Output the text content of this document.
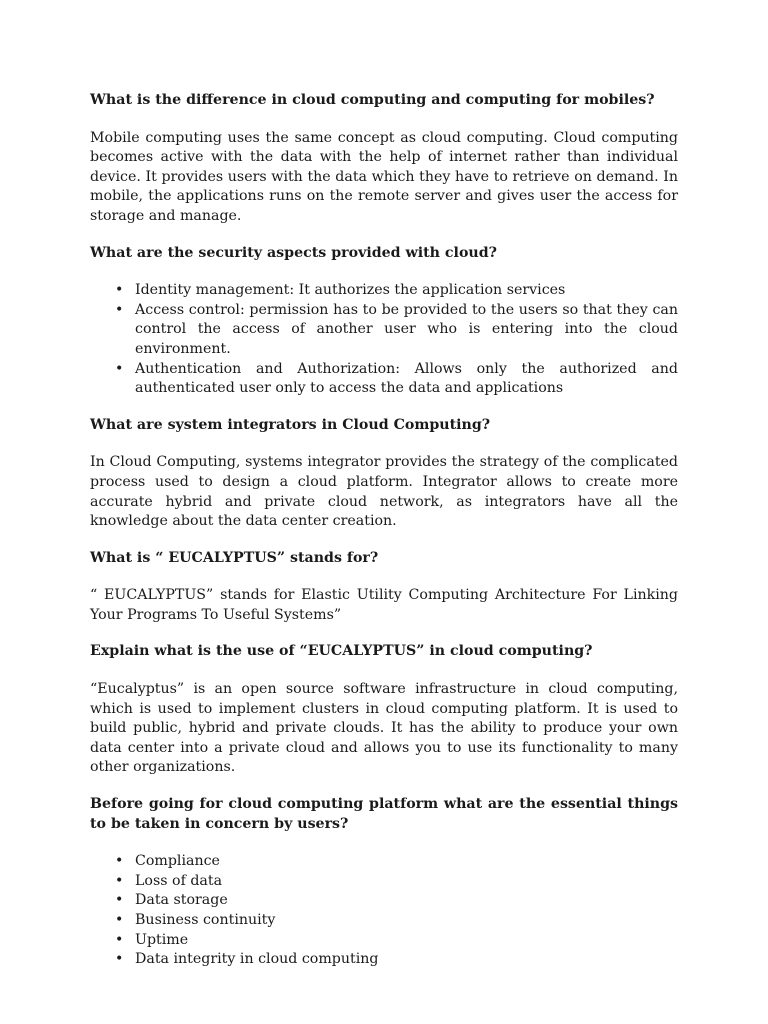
What is the difference in cloud computing and computing for mobiles?

Mobile computing uses the same concept as cloud computing. Cloud computing becomes active with the data with the help of internet rather than individual device. It provides users with the data which they have to retrieve on demand. In mobile, the applications runs on the remote server and gives user the access for storage and manage.

What are the security aspects provided with cloud?

• Identity management: It authorizes the application services
• Access control: permission has to be provided to the users so that they can control the access of another user who is entering into the cloud environment.
• Authentication and Authorization: Allows only the authorized and authenticated user only to access the data and applications

What are system integrators in Cloud Computing?

In Cloud Computing, systems integrator provides the strategy of the complicated process used to design a cloud platform. Integrator allows to create more accurate hybrid and private cloud network, as integrators have all the knowledge about the data center creation.

What is “ EUCALYPTUS” stands for?

“ EUCALYPTUS” stands for Elastic Utility Computing Architecture For Linking Your Programs To Useful Systems”

Explain what is the use of “EUCALYPTUS” in cloud computing?

“Eucalyptus” is an open source software infrastructure in cloud computing, which is used to implement clusters in cloud computing platform. It is used to build public, hybrid and private clouds. It has the ability to produce your own data center into a private cloud and allows you to use its functionality to many other organizations.

Before going for cloud computing platform what are the essential things to be taken in concern by users?

• Compliance
• Loss of data
• Data storage
• Business continuity
• Uptime
• Data integrity in cloud computing
